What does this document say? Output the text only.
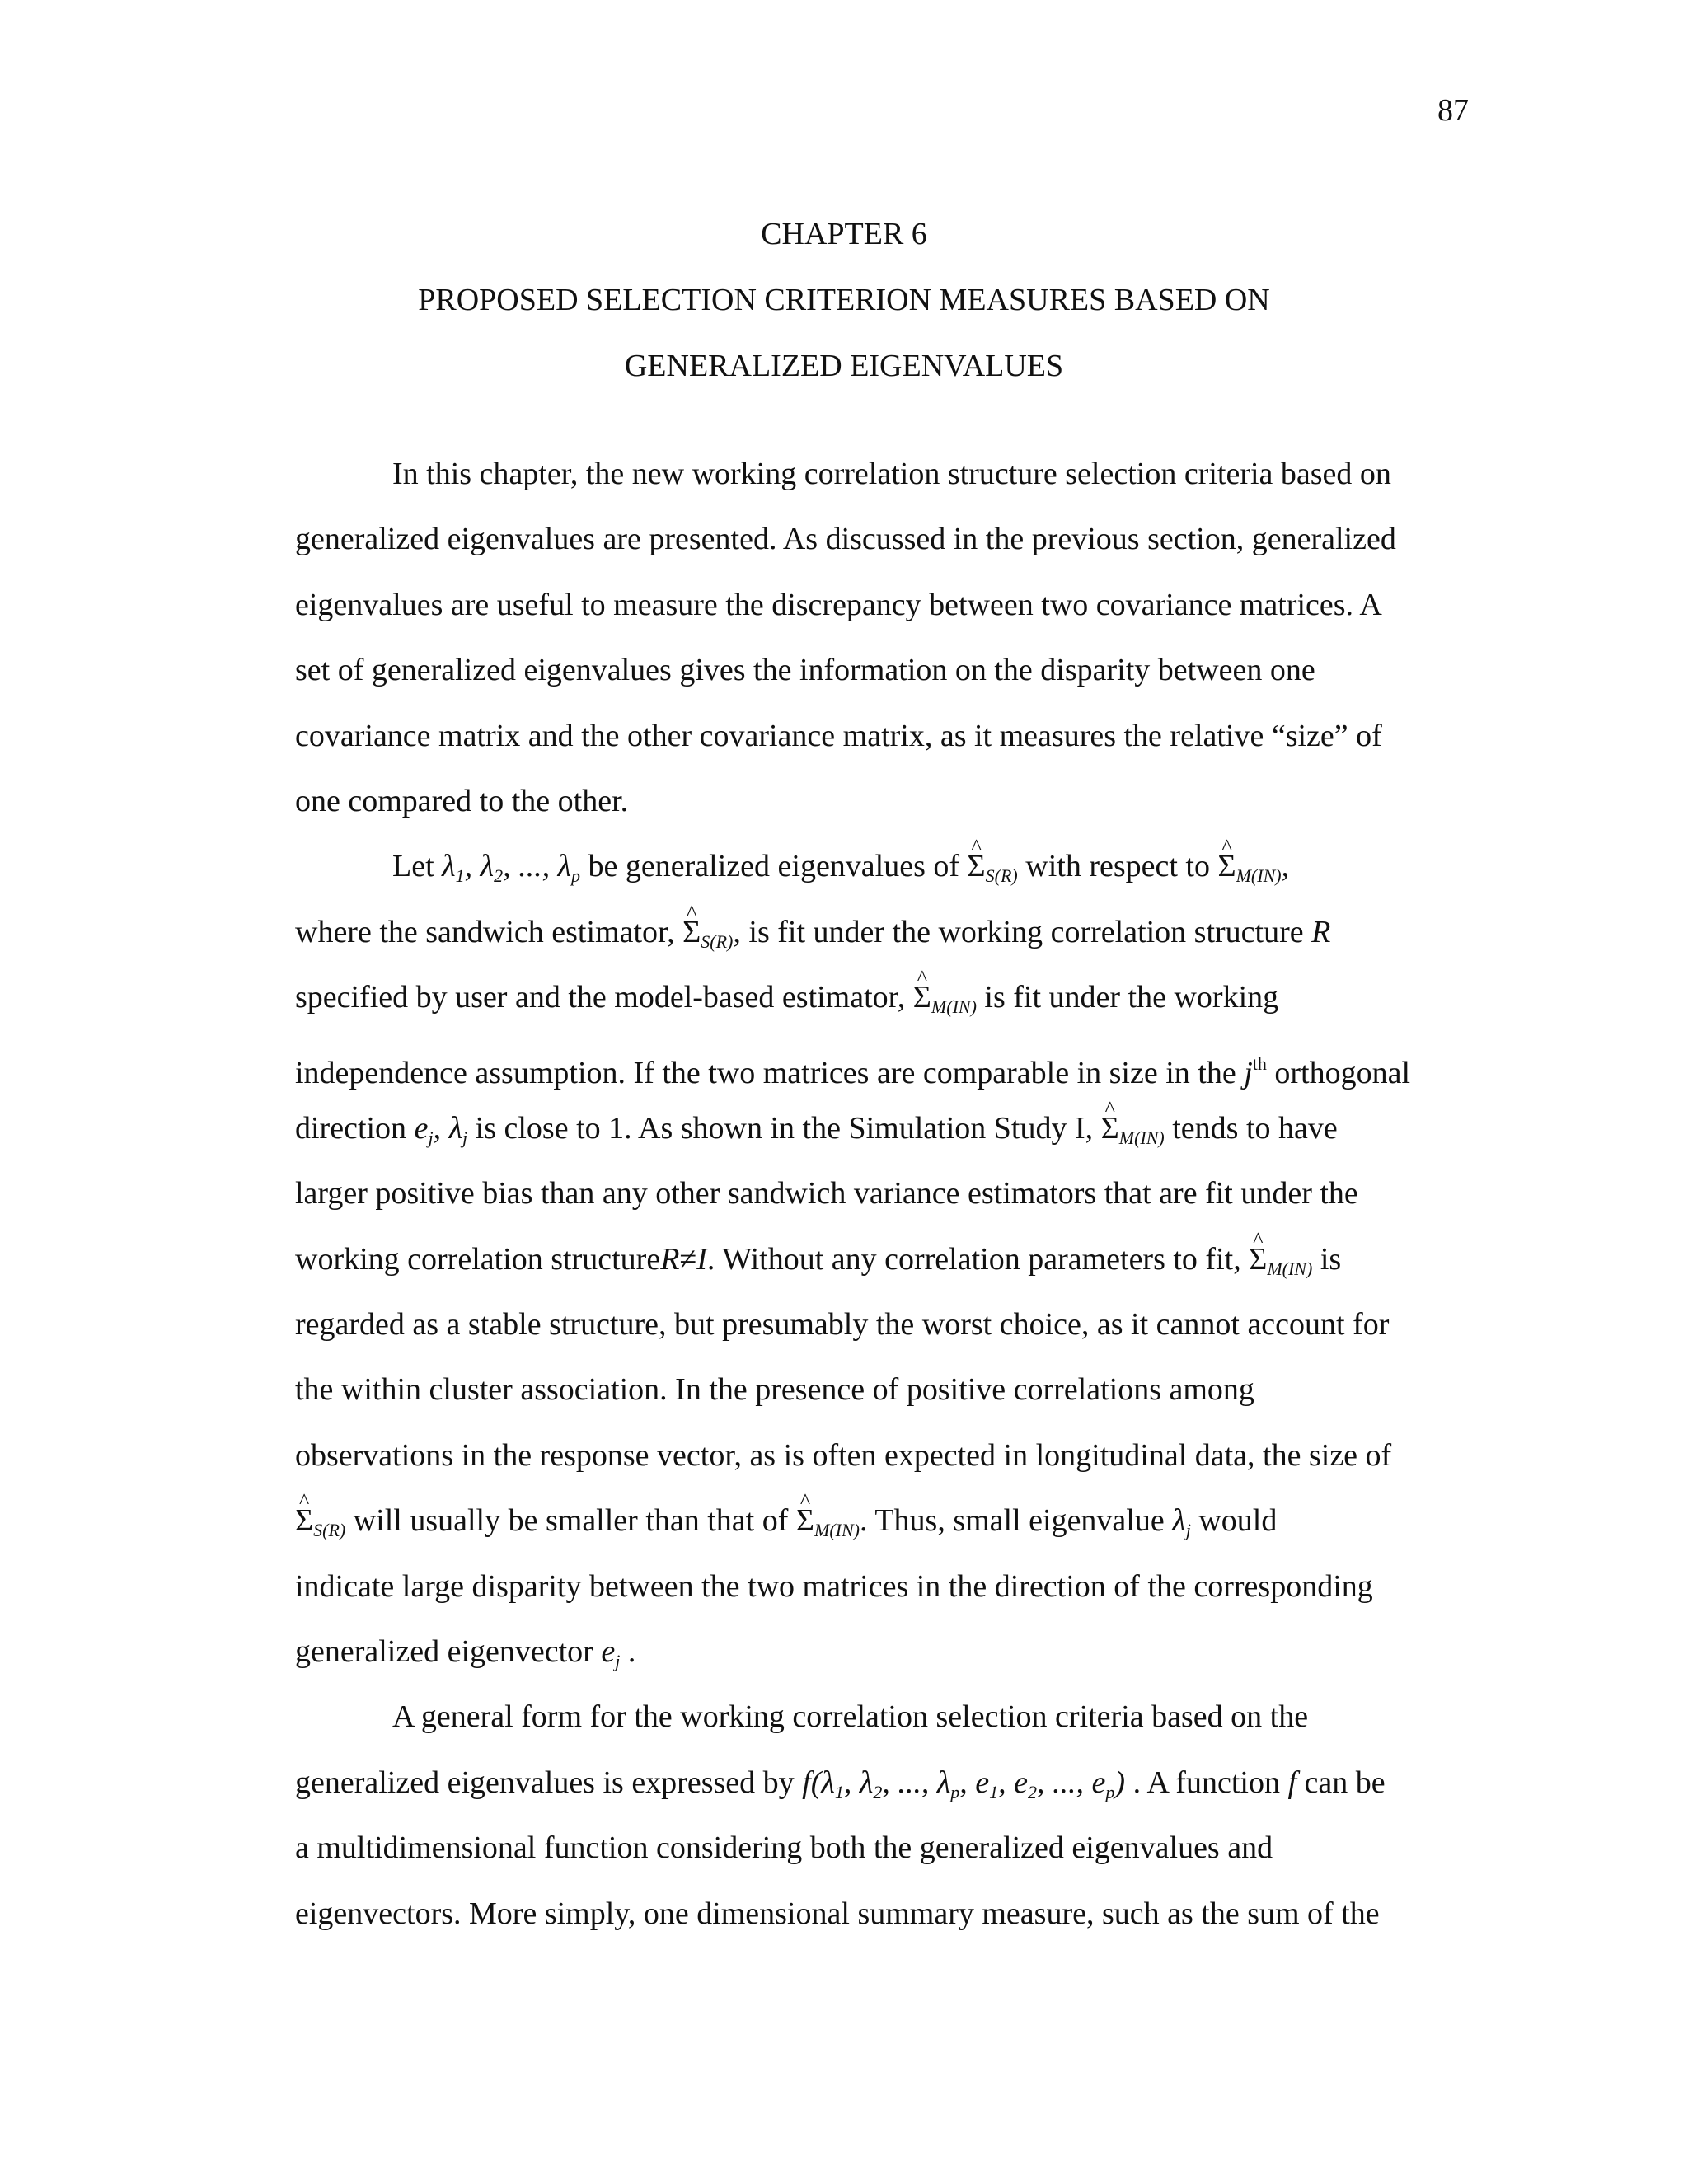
87
CHAPTER 6
PROPOSED SELECTION CRITERION MEASURES BASED ON
GENERALIZED EIGENVALUES
In this chapter, the new working correlation structure selection criteria based on
generalized eigenvalues are presented. As discussed in the previous section, generalized
eigenvalues are useful to measure the discrepancy between two covariance matrices. A
set of generalized eigenvalues gives the information on the disparity between one
covariance matrix and the other covariance matrix, as it measures the relative “size” of
one compared to the other.
Let $\lambda_1$, $\lambda_2$, ..., $\lambda_p$ be generalized eigenvalues of ^ $\Sigma_{S(R)}$ with respect to ^ $\Sigma_{M(IN)}$,
where the sandwich estimator, ^ $\Sigma_{S(R)}$, is fit under the working correlation structure R
specified by user and the model-based estimator, ^ $\Sigma_{M(IN)}$ is fit under the working
independence assumption. If the two matrices are comparable in size in the $j^{th}$ orthogonal
direction $e_j$, $\lambda_j$ is close to 1. As shown in the Simulation Study I, ^ $\Sigma_{M(IN)}$ tends to have
larger positive bias than any other sandwich variance estimators that are fit under the
working correlation structureR≠I. Without any correlation parameters to fit, ^ $\Sigma_{M(IN)}$ is
regarded as a stable structure, but presumably the worst choice, as it cannot account for
the within cluster association. In the presence of positive correlations among
observations in the response vector, as is often expected in longitudinal data, the size of
^ $\Sigma_{S(R)}$ will usually be smaller than that of ^ $\Sigma_{M(IN)}$. Thus, small eigenvalue $\lambda_j$ would
indicate large disparity between the two matrices in the direction of the corresponding
generalized eigenvector $e_j$ .
A general form for the working correlation selection criteria based on the
generalized eigenvalues is expressed by $f(\lambda_1$, $\lambda_2$, ..., $\lambda_p$, $e_1$, $e_2$, ..., $e_p$) . A function f can be
a multidimensional function considering both the generalized eigenvalues and
eigenvectors. More simply, one dimensional summary measure, such as the sum of the
